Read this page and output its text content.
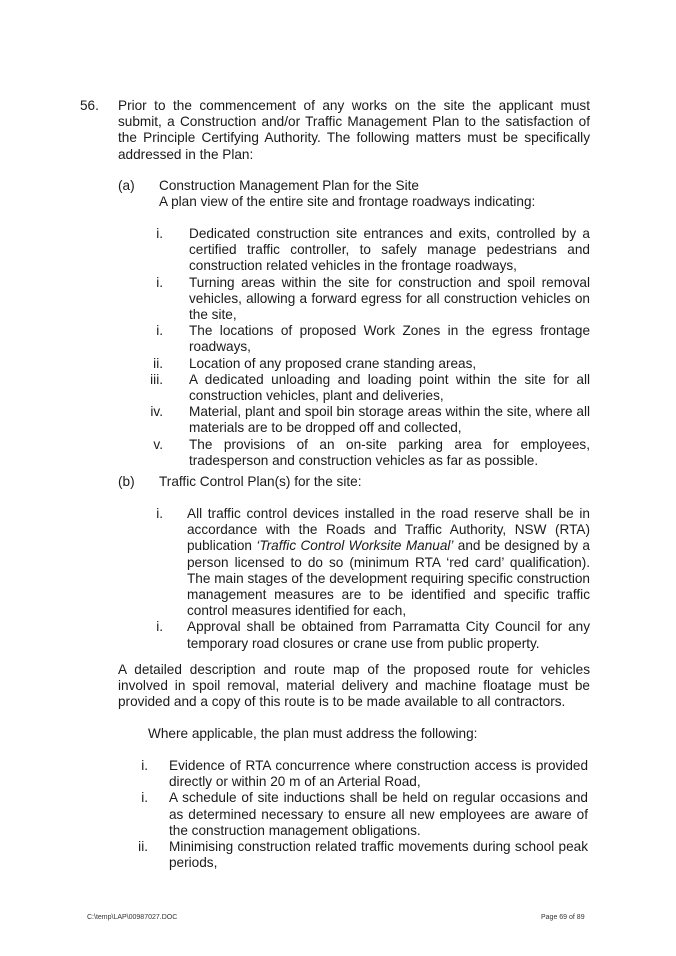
56. Prior to the commencement of any works on the site the applicant must submit, a Construction and/or Traffic Management Plan to the satisfaction of the Principle Certifying Authority. The following matters must be specifically addressed in the Plan:

(a) Construction Management Plan for the Site
A plan view of the entire site and frontage roadways indicating:
i. Dedicated construction site entrances and exits, controlled by a certified traffic controller, to safely manage pedestrians and construction related vehicles in the frontage roadways,
i. Turning areas within the site for construction and spoil removal vehicles, allowing a forward egress for all construction vehicles on the site,
i. The locations of proposed Work Zones in the egress frontage roadways,
ii. Location of any proposed crane standing areas,
iii. A dedicated unloading and loading point within the site for all construction vehicles, plant and deliveries,
iv. Material, plant and spoil bin storage areas within the site, where all materials are to be dropped off and collected,
v. The provisions of an on-site parking area for employees, tradesperson and construction vehicles as far as possible.
(b) Traffic Control Plan(s) for the site:
i. All traffic control devices installed in the road reserve shall be in accordance with the Roads and Traffic Authority, NSW (RTA) publication ‘Traffic Control Worksite Manual’ and be designed by a person licensed to do so (minimum RTA ‘red card’ qualification). The main stages of the development requiring specific construction management measures are to be identified and specific traffic control measures identified for each,
i. Approval shall be obtained from Parramatta City Council for any temporary road closures or crane use from public property.

A detailed description and route map of the proposed route for vehicles involved in spoil removal, material delivery and machine floatage must be provided and a copy of this route is to be made available to all contractors.

Where applicable, the plan must address the following:
i. Evidence of RTA concurrence where construction access is provided directly or within 20 m of an Arterial Road,
i. A schedule of site inductions shall be held on regular occasions and as determined necessary to ensure all new employees are aware of the construction management obligations.
ii. Minimising construction related traffic movements during school peak periods,
C:\temp\LAP\00987027.DOC	Page 69 of 89
